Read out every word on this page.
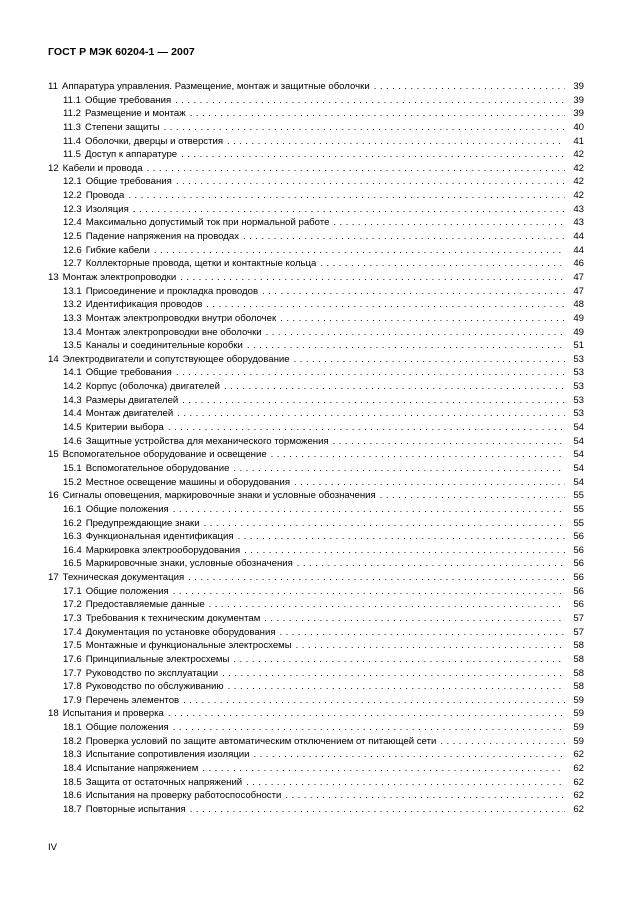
ГОСТ Р МЭК 60204-1 — 2007
11 Аппаратура управления. Размещение, монтаж и защитные оболочки . . .	39
11.1 Общие требования . . .	39
11.2 Размещение и монтаж . . .	39
11.3 Степени защиты . . .	40
11.4 Оболочки, дверцы и отверстия . . .	41
11.5 Доступ к аппаратуре . . .	42
12 Кабели и провода . . .	42
12.1 Общие требования . . .	42
12.2 Провода . . .	42
12.3 Изоляция . . .	43
12.4 Максимально допустимый ток при нормальной работе . . .	43
12.5 Падение напряжения на проводах . . .	44
12.6 Гибкие кабели . . .	44
12.7 Коллекторные провода, щетки и контактные кольца . . .	46
13 Монтаж электропроводки . . .	47
13.1 Присоединение и прокладка проводов . . .	47
13.2 Идентификация проводов . . .	48
13.3 Монтаж электропроводки внутри оболочек . . .	49
13.4 Монтаж электропроводки вне оболочки . . .	49
13.5 Каналы и соединительные коробки . . .	51
14 Электродвигатели и сопутствующее оборудование . . .	53
14.1 Общие требования . . .	53
14.2 Корпус (оболочка) двигателей . . .	53
14.3 Размеры двигателей . . .	53
14.4 Монтаж двигателей . . .	53
14.5 Критерии выбора . . .	54
14.6 Защитные устройства для механического торможения . . .	54
15 Вспомогательное оборудование и освещение . . .	54
15.1 Вспомогательное оборудование . . .	54
15.2 Местное освещение машины и оборудования . . .	54
16 Сигналы оповещения, маркировочные знаки и условные обозначения . . .	55
16.1 Общие положения . . .	55
16.2 Предупреждающие знаки . . .	55
16.3 Функциональная идентификация . . .	56
16.4 Маркировка электрооборудования . . .	56
16.5 Маркировочные знаки, условные обозначения . . .	56
17 Техническая документация . . .	56
17.1 Общие положения . . .	56
17.2 Предоставляемые данные . . .	56
17.3 Требования к техническим документам . . .	57
17.4 Документация по установке оборудования . . .	57
17.5 Монтажные и функциональные электросхемы . . .	58
17.6 Принципиальные электросхемы . . .	58
17.7 Руководство по эксплуатации . . .	58
17.8 Руководство по обслуживанию . . .	58
17.9 Перечень элементов . . .	59
18 Испытания и проверка . . .	59
18.1 Общие положения . . .	59
18.2 Проверка условий по защите автоматическим отключением от питающей сети . . .	59
18.3 Испытание сопротивления изоляции . . .	62
18.4 Испытание напряжением . . .	62
18.5 Защита от остаточных напряжений . . .	62
18.6 Испытания на проверку работоспособности . . .	62
18.7 Повторные испытания . . .	62
IV
